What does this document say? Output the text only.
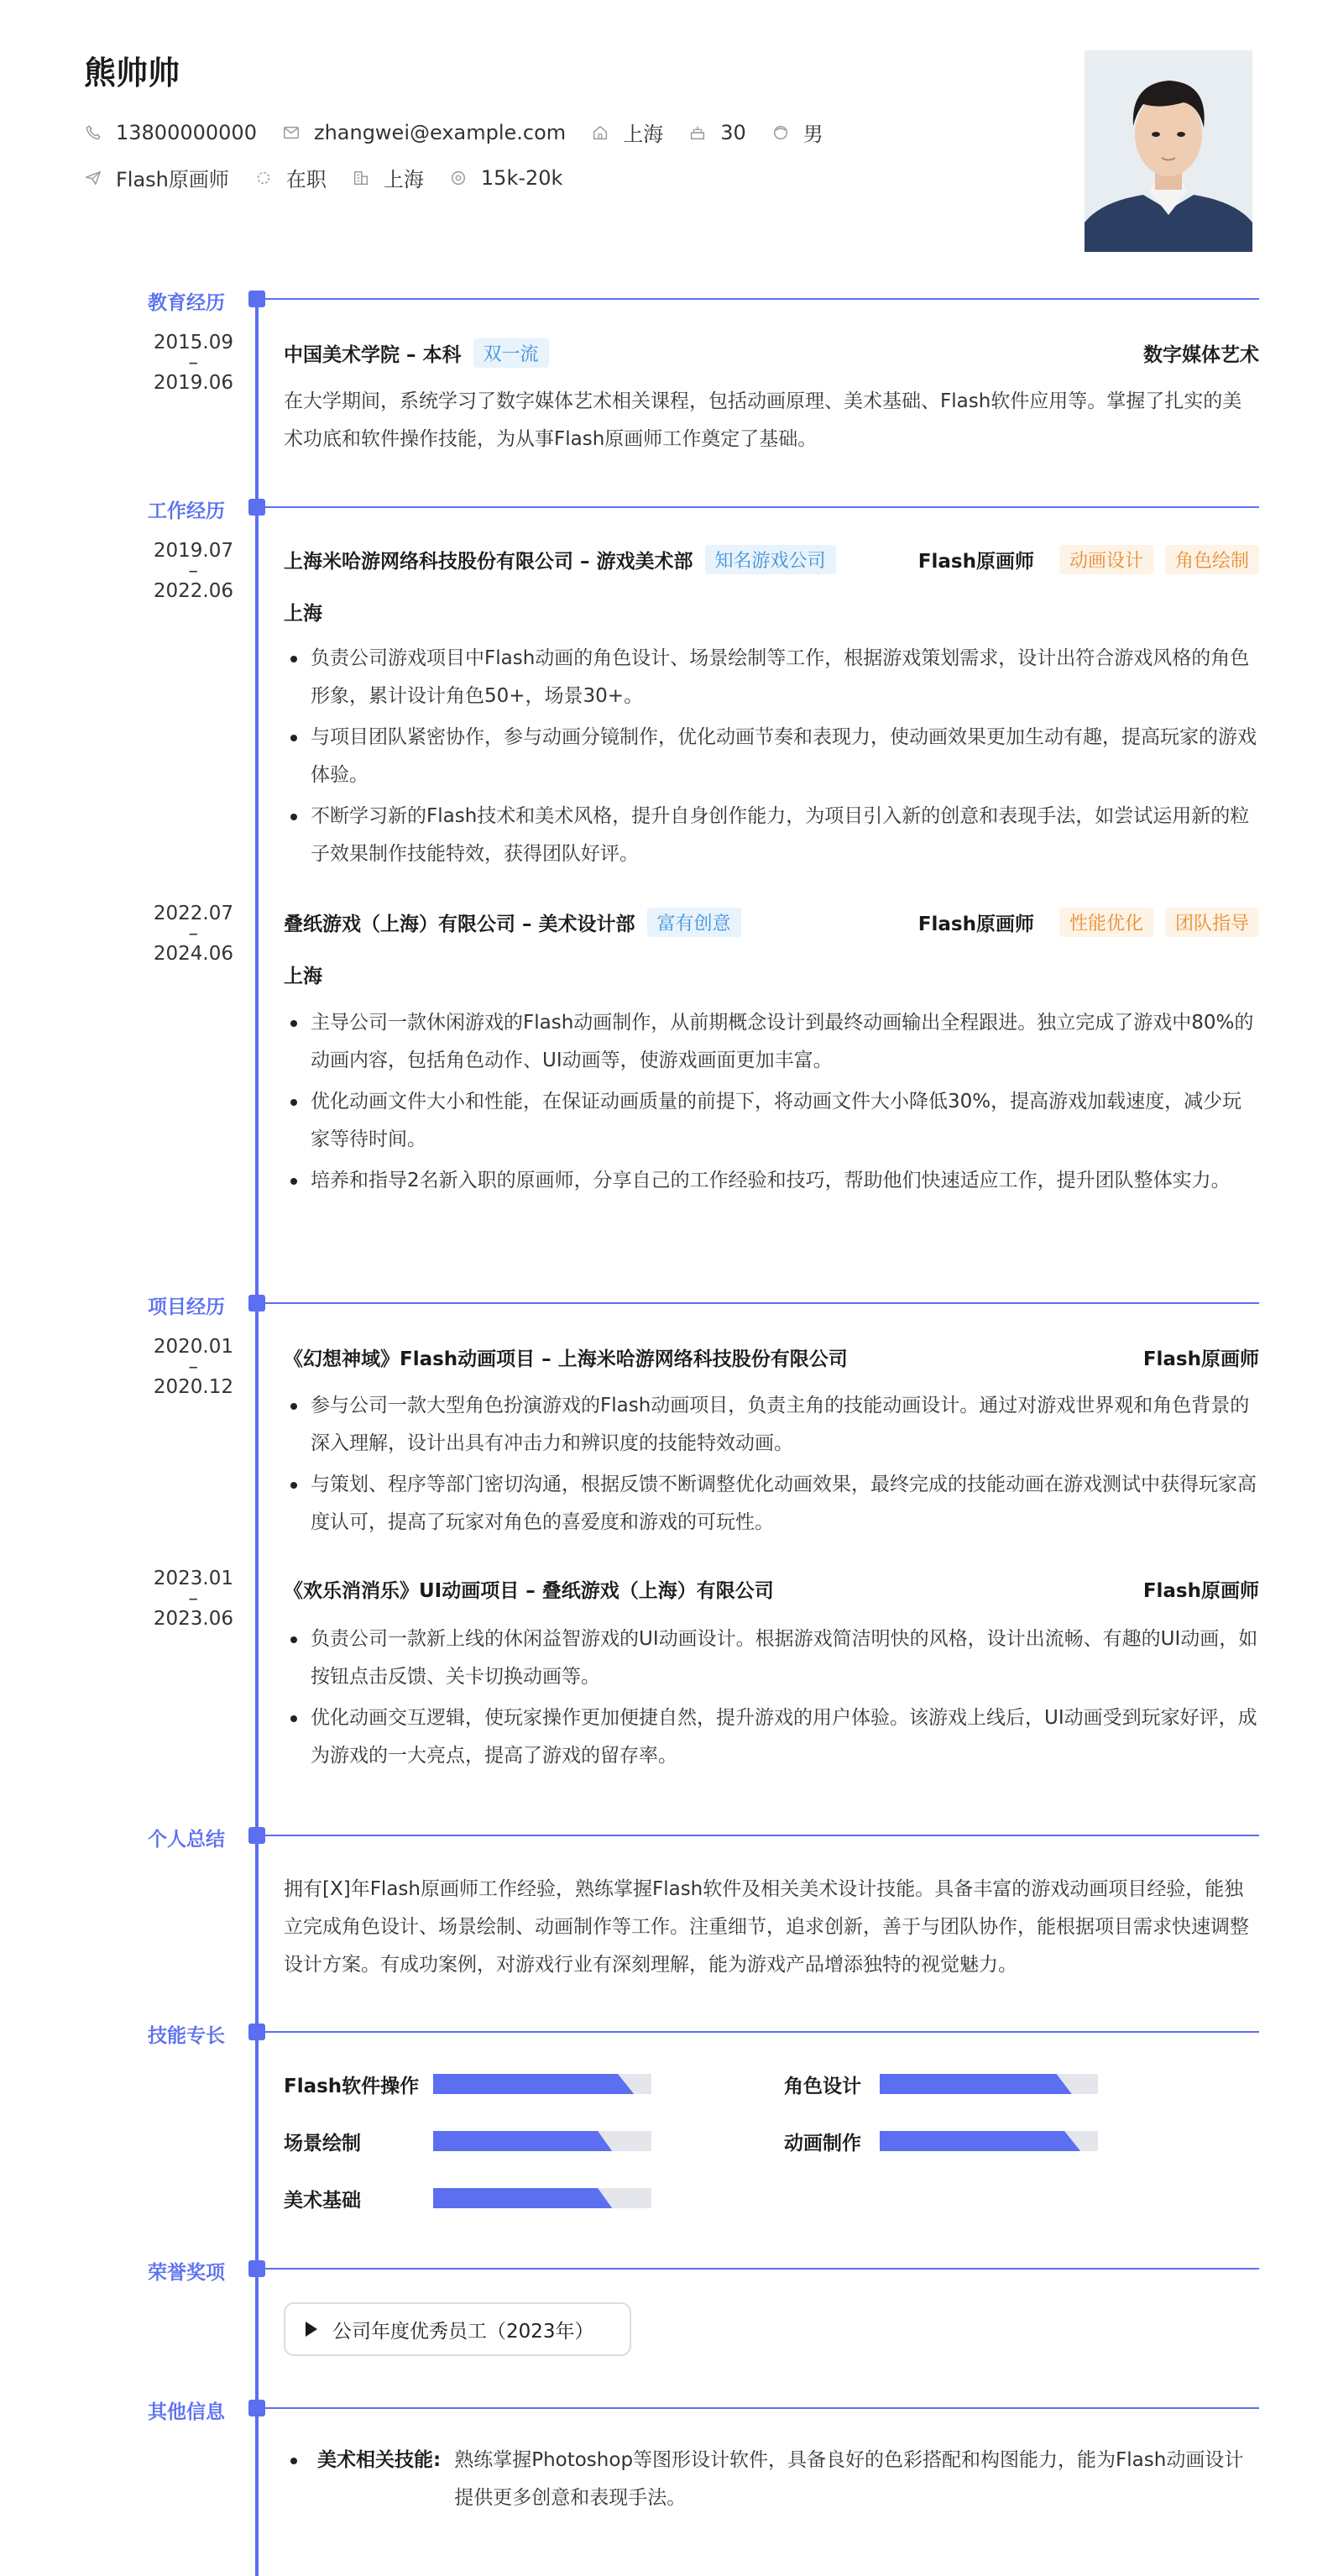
熊帅帅
13800000000	zhangwei@example.com	上海	30	男
Flash原画师	在职	上海	15k-20k
教育经历
2015.09
–
2019.06
中国美术学院 – 本科	双一流	数字媒体艺术
在大学期间，系统学习了数字媒体艺术相关课程，包括动画原理、美术基础、Flash软件应用等。掌握了扎实的美术功底和软件操作技能，为从事Flash原画师工作奠定了基础。
工作经历
2019.07
–
2022.06
上海米哈游网络科技股份有限公司 – 游戏美术部	知名游戏公司	Flash原画师	动画设计	角色绘制
上海
负责公司游戏项目中Flash动画的角色设计、场景绘制等工作，根据游戏策划需求，设计出符合游戏风格的角色形象，累计设计角色50+，场景30+。
与项目团队紧密协作，参与动画分镜制作，优化动画节奏和表现力，使动画效果更加生动有趣，提高玩家的游戏体验。
不断学习新的Flash技术和美术风格，提升自身创作能力，为项目引入新的创意和表现手法，如尝试运用新的粒子效果制作技能特效，获得团队好评。
2022.07
–
2024.06
叠纸游戏（上海）有限公司 – 美术设计部	富有创意	Flash原画师	性能优化	团队指导
上海
主导公司一款休闲游戏的Flash动画制作，从前期概念设计到最终动画输出全程跟进。独立完成了游戏中80%的动画内容，包括角色动作、UI动画等，使游戏画面更加丰富。
优化动画文件大小和性能，在保证动画质量的前提下，将动画文件大小降低30%，提高游戏加载速度，减少玩家等待时间。
培养和指导2名新入职的原画师，分享自己的工作经验和技巧，帮助他们快速适应工作，提升团队整体实力。
项目经历
2020.01
–
2020.12
《幻想神域》Flash动画项目 – 上海米哈游网络科技股份有限公司	Flash原画师
参与公司一款大型角色扮演游戏的Flash动画项目，负责主角的技能动画设计。通过对游戏世界观和角色背景的深入理解，设计出具有冲击力和辨识度的技能特效动画。
与策划、程序等部门密切沟通，根据反馈不断调整优化动画效果，最终完成的技能动画在游戏测试中获得玩家高度认可，提高了玩家对角色的喜爱度和游戏的可玩性。
2023.01
–
2023.06
《欢乐消消乐》UI动画项目 – 叠纸游戏（上海）有限公司	Flash原画师
负责公司一款新上线的休闲益智游戏的UI动画设计。根据游戏简洁明快的风格，设计出流畅、有趣的UI动画，如按钮点击反馈、关卡切换动画等。
优化动画交互逻辑，使玩家操作更加便捷自然，提升游戏的用户体验。该游戏上线后，UI动画受到玩家好评，成为游戏的一大亮点，提高了游戏的留存率。
个人总结
拥有[X]年Flash原画师工作经验，熟练掌握Flash软件及相关美术设计技能。具备丰富的游戏动画项目经验，能独立完成角色设计、场景绘制、动画制作等工作。注重细节，追求创新，善于与团队协作，能根据项目需求快速调整设计方案。有成功案例，对游戏行业有深刻理解，能为游戏产品增添独特的视觉魅力。
技能专长
Flash软件操作	角色设计
场景绘制	动画制作
美术基础
荣誉奖项
公司年度优秀员工（2023年）
其他信息
美术相关技能: 熟练掌握Photoshop等图形设计软件，具备良好的色彩搭配和构图能力，能为Flash动画设计提供更多创意和表现手法。
